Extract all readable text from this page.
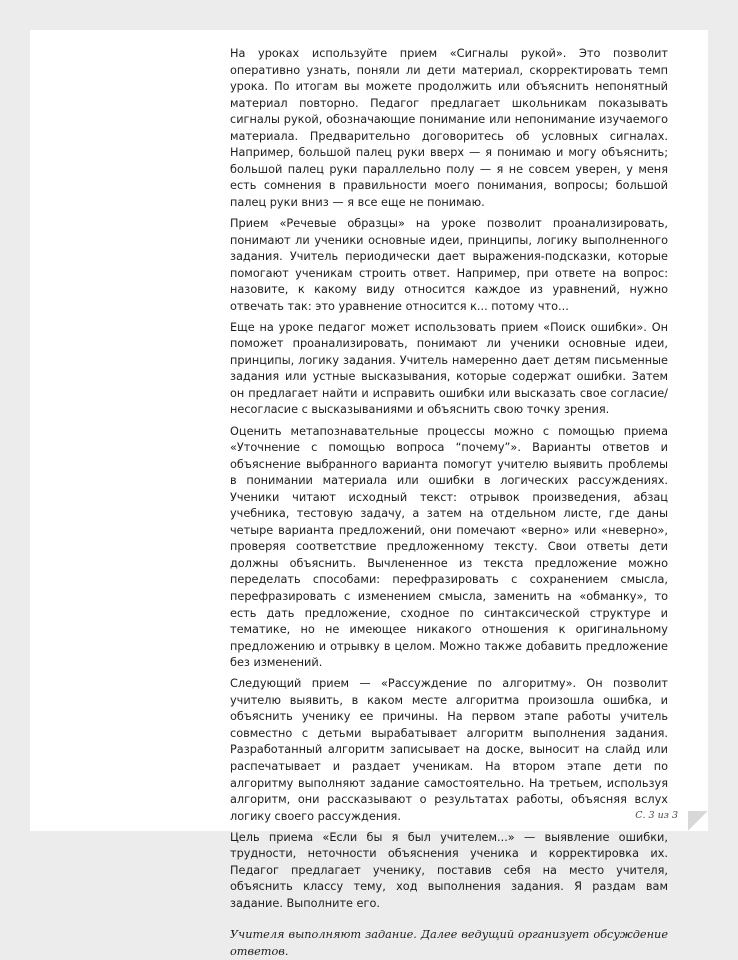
На уроках используйте прием «Сигналы рукой». Это позволит оперативно узнать, поняли ли дети материал, скорректировать темп урока. По итогам вы можете продолжить или объяснить непонятный материал повторно. Педагог предлагает школьникам показывать сигналы рукой, обозначающие понимание или непонимание изучаемого материала. Предварительно договоритесь об условных сигналах. Например, большой палец руки вверх — я понимаю и могу объяснить; большой палец руки параллельно полу — я не совсем уверен, у меня есть сомнения в правильности моего понимания, вопросы; большой палец руки вниз — я все еще не понимаю.

Прием «Речевые образцы» на уроке позволит проанализировать, понимают ли ученики основные идеи, принципы, логику выполненного задания. Учитель периодически дает выражения-подсказки, которые помогают ученикам строить ответ. Например, при ответе на вопрос: назовите, к какому виду относится каждое из уравнений, нужно отвечать так: это уравнение относится к... потому что...

Еще на уроке педагог может использовать прием «Поиск ошибки». Он поможет проанализировать, понимают ли ученики основные идеи, принципы, логику задания. Учитель намеренно дает детям письменные задания или устные высказывания, которые содержат ошибки. Затем он предлагает найти и исправить ошибки или высказать свое согласие/несогласие с высказываниями и объяснить свою точку зрения.

Оценить метапознавательные процессы можно с помощью приема «Уточнение с помощью вопроса “почему”». Варианты ответов и объяснение выбранного варианта помогут учителю выявить проблемы в понимании материала или ошибки в логических рассуждениях. Ученики читают исходный текст: отрывок произведения, абзац учебника, тестовую задачу, а затем на отдельном листе, где даны четыре варианта предложений, они помечают «верно» или «неверно», проверяя соответствие предложенному тексту. Свои ответы дети должны объяснить. Вычлененное из текста предложение можно переделать способами: перефразировать с сохранением смысла, перефразировать с изменением смысла, заменить на «обманку», то есть дать предложение, сходное по синтаксической структуре и тематике, но не имеющее никакого отношения к оригинальному предложению и отрывку в целом. Можно также добавить предложение без изменений.

Следующий прием — «Рассуждение по алгоритму». Он позволит учителю выявить, в каком месте алгоритма произошла ошибка, и объяснить ученику ее причины. На первом этапе работы учитель совместно с детьми вырабатывает алгоритм выполнения задания. Разработанный алгоритм записывает на доске, выносит на слайд или распечатывает и раздает ученикам. На втором этапе дети по алгоритму выполняют задание самостоятельно. На третьем, используя алгоритм, они рассказывают о результатах работы, объясняя вслух логику своего рассуждения.

Цель приема «Если бы я был учителем...» — выявление ошибки, трудности, неточности объяснения ученика и корректировка их. Педагог предлагает ученику, поставив себя на место учителя, объяснить классу тему, ход выполнения задания. Я раздам вам задание. Выполните его.

Учителя выполняют задание. Далее ведущий организует обсуждение ответов.

С. 3 из 3
